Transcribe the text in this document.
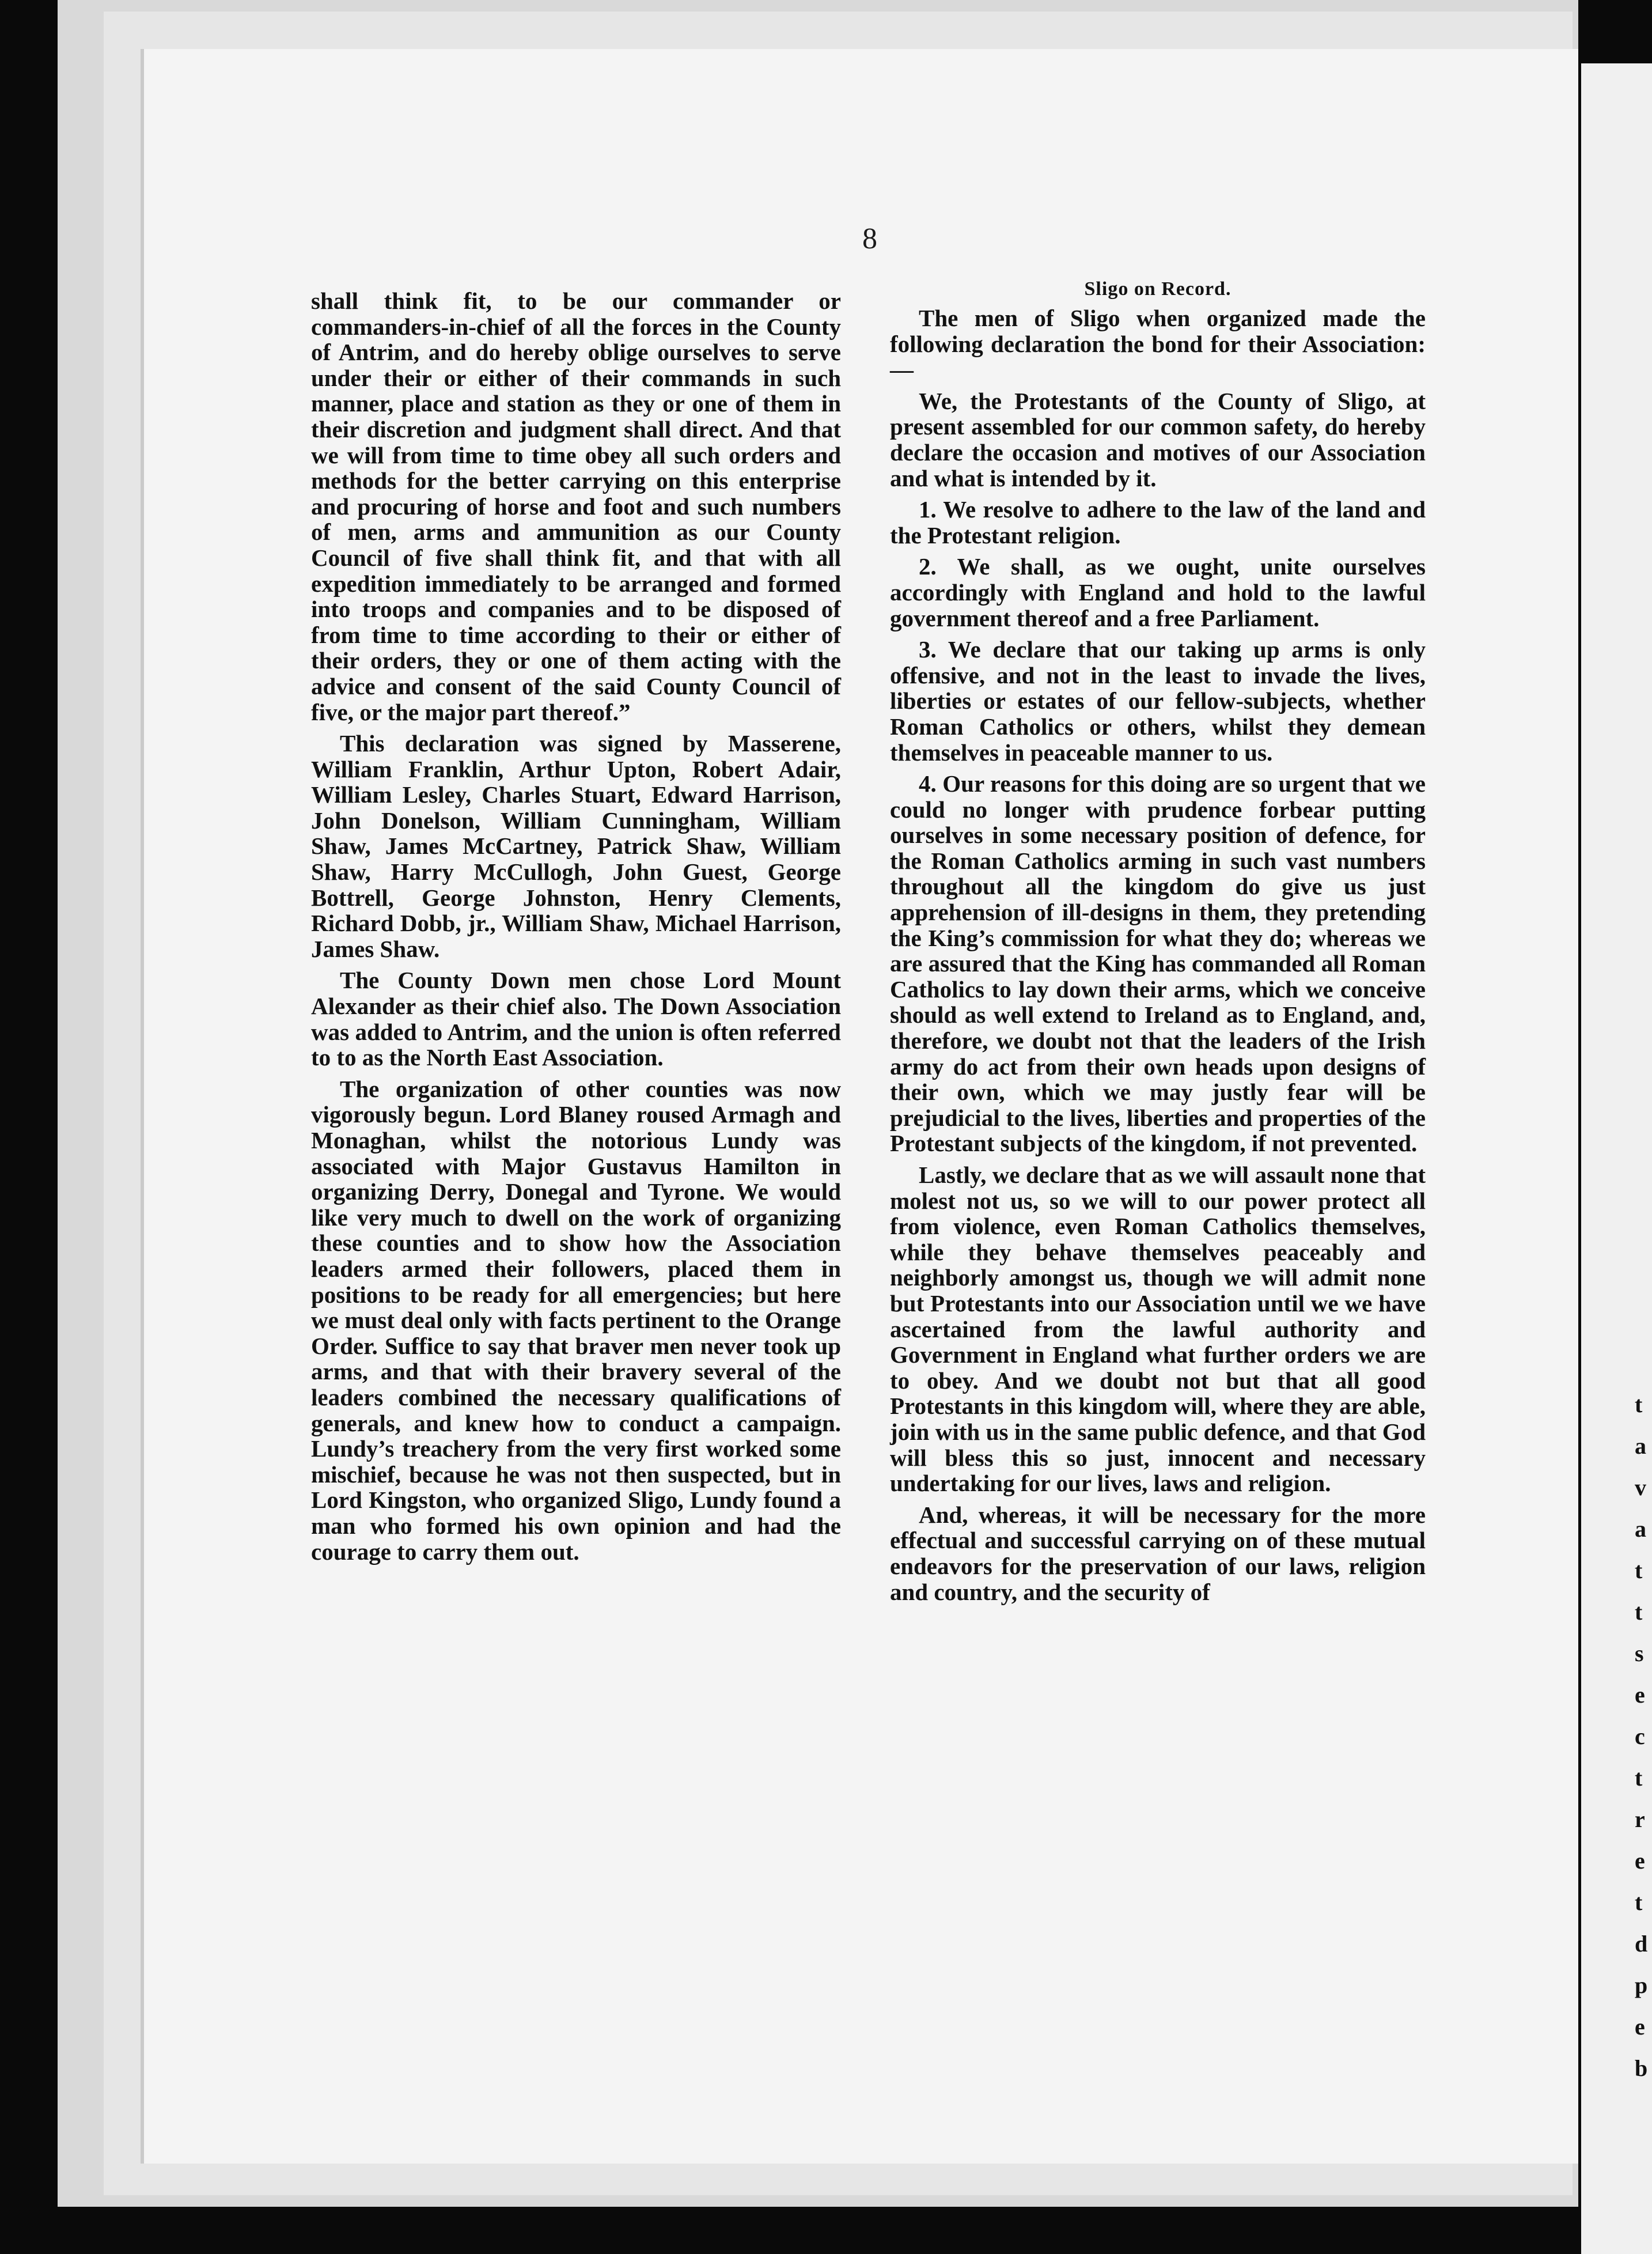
t
a
v
a
t
t
s
e
c
t
r
e
t
d
p
e
b
8

shall think fit, to be our commander or commanders-in-chief of all the forces in the County of Antrim, and do hereby oblige ourselves to serve under their or either of their commands in such manner, place and station as they or one of them in their discretion and judgment shall direct. And that we will from time to time obey all such orders and methods for the better carrying on this enterprise and procuring of horse and foot and such numbers of men, arms and ammunition as our County Council of five shall think fit, and that with all expedition immediately to be arranged and formed into troops and companies and to be disposed of from time to time according to their or either of their orders, they or one of them acting with the advice and consent of the said County Council of five, or the major part thereof.”

This declaration was signed by Masserene, William Franklin, Arthur Upton, Robert Adair, William Lesley, Charles Stuart, Edward Harrison, John Donelson, William Cunningham, William Shaw, James McCartney, Patrick Shaw, William Shaw, Harry McCullogh, John Guest, George Bottrell, George Johnston, Henry Clements, Richard Dobb, jr., William Shaw, Michael Harrison, James Shaw.

The County Down men chose Lord Mount Alexander as their chief also. The Down Association was added to Antrim, and the union is often referred to to as the North East Association.

The organization of other counties was now vigorously begun. Lord Blaney roused Armagh and Monaghan, whilst the notorious Lundy was associated with Major Gustavus Hamilton in organizing Derry, Donegal and Tyrone. We would like very much to dwell on the work of organizing these counties and to show how the Association leaders armed their followers, placed them in positions to be ready for all emergencies; but here we must deal only with facts pertinent to the Orange Order. Suffice to say that braver men never took up arms, and that with their bravery several of the leaders combined the necessary qualifications of generals, and knew how to conduct a campaign. Lundy’s treachery from the very first worked some mischief, because he was not then suspected, but in Lord Kingston, who organized Sligo, Lundy found a man who formed his own opinion and had the courage to carry them out.

Sligo on Record.

The men of Sligo when organized made the following declaration the bond for their Association:—

We, the Protestants of the County of Sligo, at present assembled for our common safety, do hereby declare the occasion and motives of our Association and what is intended by it.

1. We resolve to adhere to the law of the land and the Protestant religion.

2. We shall, as we ought, unite ourselves accordingly with England and hold to the lawful government thereof and a free Parliament.

3. We declare that our taking up arms is only offensive, and not in the least to invade the lives, liberties or estates of our fellow-subjects, whether Roman Catholics or others, whilst they demean themselves in peaceable manner to us.

4. Our reasons for this doing are so urgent that we could no longer with prudence forbear putting ourselves in some necessary position of defence, for the Roman Catholics arming in such vast numbers throughout all the kingdom do give us just apprehension of ill-designs in them, they pretending the King’s commission for what they do; whereas we are assured that the King has commanded all Roman Catholics to lay down their arms, which we conceive should as well extend to Ireland as to England, and, therefore, we doubt not that the leaders of the Irish army do act from their own heads upon designs of their own, which we may justly fear will be prejudicial to the lives, liberties and properties of the Protestant subjects of the kingdom, if not prevented.

Lastly, we declare that as we will assault none that molest not us, so we will to our power protect all from violence, even Roman Catholics themselves, while they behave themselves peaceably and neighborly amongst us, though we will admit none but Protestants into our Association until we we have ascertained from the lawful authority and Government in England what further orders we are to obey. And we doubt not but that all good Protestants in this kingdom will, where they are able, join with us in the same public defence, and that God will bless this so just, innocent and necessary undertaking for our lives, laws and religion.

And, whereas, it will be necessary for the more effectual and successful carrying on of these mutual endeavors for the preservation of our laws, religion and country, and the security of
